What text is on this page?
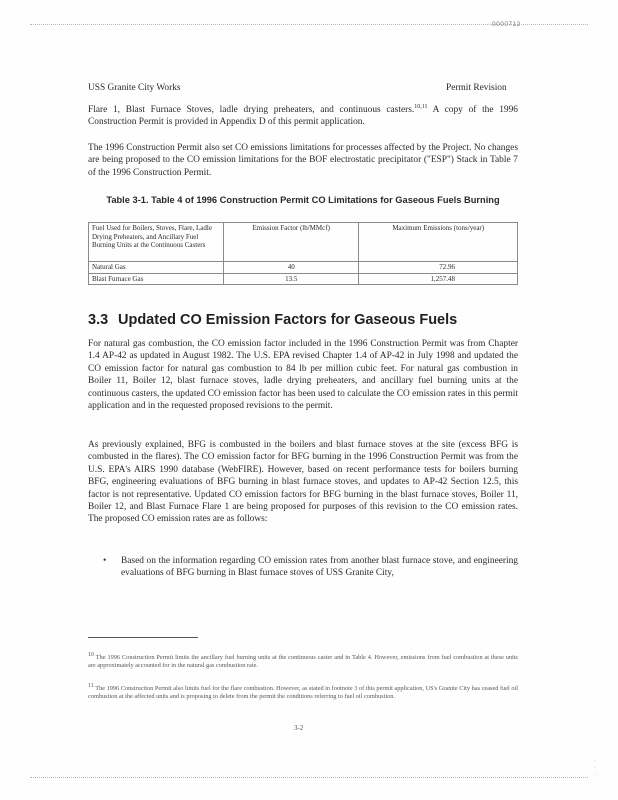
0000712
USS Granite City Works	Permit Revision

Flare 1, Blast Furnace Stoves, ladle drying preheaters, and continuous casters.$^{10,11}$ A copy of the 1996 Construction Permit is provided in Appendix D of this permit application.

The 1996 Construction Permit also set CO emissions limitations for processes affected by the Project. No changes are being proposed to the CO emission limitations for the BOF electrostatic precipitator ("ESP") Stack in Table 7 of the 1996 Construction Permit.

Table 3-1. Table 4 of 1996 Construction Permit CO Limitations for Gaseous Fuels Burning
Fuel Used for Boilers, Stoves, Flare, Ladle Drying Preheaters, and Ancillary Fuel Burning Units at the Continuous Casters	Emission Factor (lb/MMcf)	Maximum Emissions (tons/year)
Natural Gas	40	72.96
Blast Furnace Gas	13.5	1,257.48
3.3 Updated CO Emission Factors for Gaseous Fuels

For natural gas combustion, the CO emission factor included in the 1996 Construction Permit was from Chapter 1.4 AP-42 as updated in August 1982. The U.S. EPA revised Chapter 1.4 of AP-42 in July 1998 and updated the CO emission factor for natural gas combustion to 84 lb per million cubic feet. For natural gas combustion in Boiler 11, Boiler 12, blast furnace stoves, ladle drying preheaters, and ancillary fuel burning units at the continuous casters, the updated CO emission factor has been used to calculate the CO emission rates in this permit application and in the requested proposed revisions to the permit.

As previously explained, BFG is combusted in the boilers and blast furnace stoves at the site (excess BFG is combusted in the flares). The CO emission factor for BFG burning in the 1996 Construction Permit was from the U.S. EPA's AIRS 1990 database (WebFIRE). However, based on recent performance tests for boilers burning BFG, engineering evaluations of BFG burning in blast furnace stoves, and updates to AP-42 Section 12.5, this factor is not representative. Updated CO emission factors for BFG burning in the blast furnace stoves, Boiler 11, Boiler 12, and Blast Furnace Flare 1 are being proposed for purposes of this revision to the CO emission rates. The proposed CO emission rates are as follows:

• Based on the information regarding CO emission rates from another blast furnace stove, and engineering evaluations of BFG burning in Blast furnace stoves of USS Granite City,

$^{10}$ The 1996 Construction Permit limits the ancillary fuel burning units at the continuous caster and in Table 4. However, emissions from fuel combustion at these units are approximately accounted for in the natural gas combustion rate.

$^{11}$ The 1996 Construction Permit also limits fuel for the flare combustion. However, as stated in footnote 3 of this permit application, US's Granite City has ceased fuel oil combustion at the affected units and is proposing to delete from the permit the conditions referring to fuel oil combustion.

3-2
·
·
·
